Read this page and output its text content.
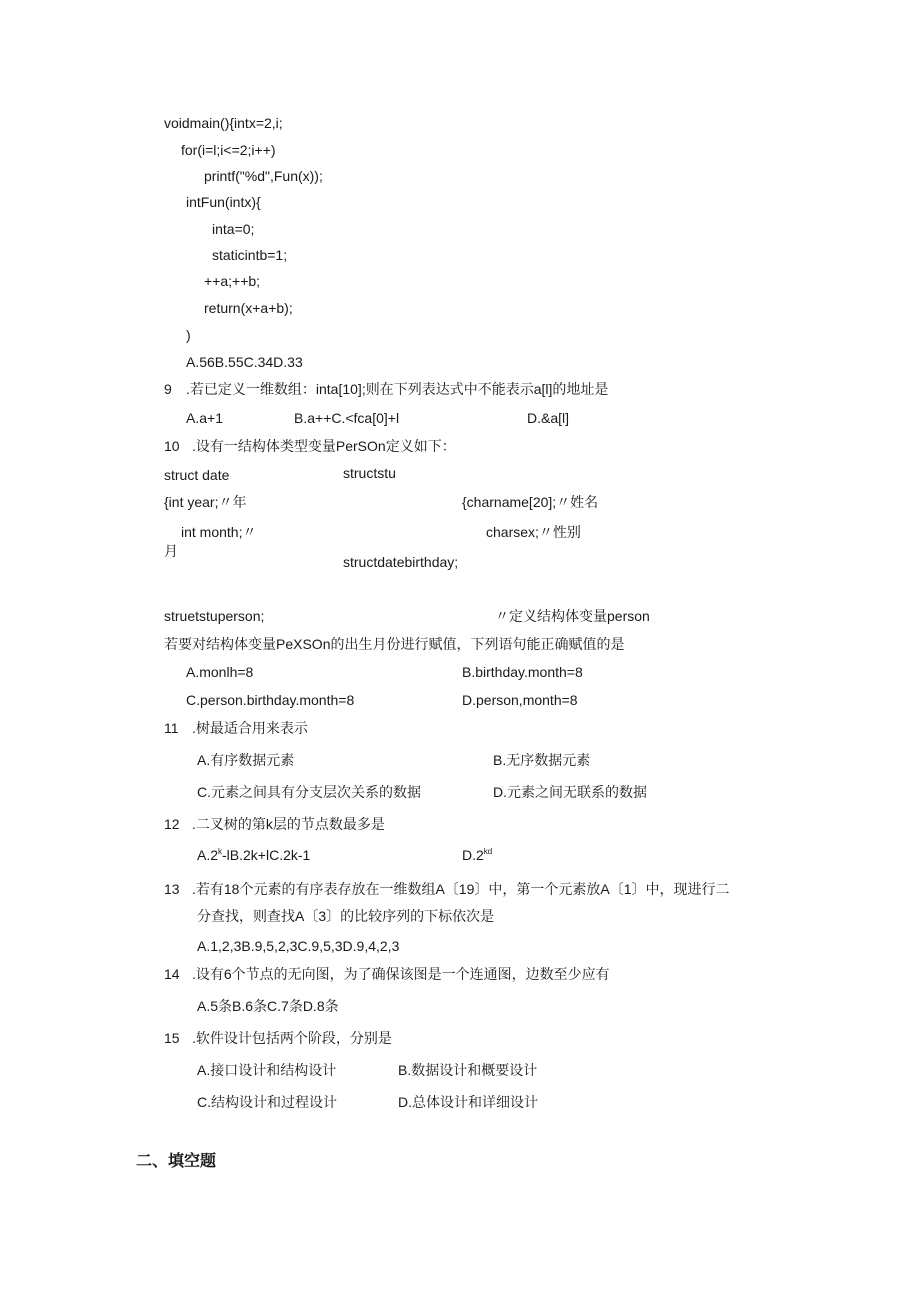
voidmain(){intx=2,i;
for(i=l;i<=2;i++)
printf("%d",Fun(x));
intFun(intx){
inta=0;
staticintb=1;
++a;++b;
return(x+a+b);
)
A.56B.55C.34D.33
9 .若已定义一维数组：inta[10];则在下列表达式中不能表示a[l]的地址是
A.a+1	B.a++C.<fca[0]+l	D.&a[l]
10 .设有一结构体类型变量PerSOn定义如下：
struct date	structstu
{int year;〃年	{charname[20];〃姓名
int month;〃	charsex;〃性别
月
structdatebirthday;
struetstuperson;	〃定义结构体变量person
若要对结构体变量PeXSOn的出生月份进行赋值，下列语句能正确赋值的是
A.monlh=8	B.birthday.month=8
C.person.birthday.month=8	D.person,month=8
11 .树最适合用来表示
A.有序数据元素	B.无序数据元素
C.元素之间具有分支层次关系的数据	D.元素之间无联系的数据
12 .二叉树的第k层的节点数最多是
$A.2^k-lB.2k+lC.2k-1$	$D.2^{kd}$
13 .若有18个元素的有序表存放在一维数组A〔19〕中，第一个元素放A〔1〕中，现进行二
分查找，则查找A〔3〕的比较序列的下标依次是
A.1,2,3B.9,5,2,3C.9,5,3D.9,4,2,3
14 .设有6个节点的无向图，为了确保该图是一个连通图，边数至少应有
A.5条B.6条C.7条D.8条
15 .软件设计包括两个阶段，分别是
A.接口设计和结构设计	B.数据设计和概要设计
C.结构设计和过程设计	D.总体设计和详细设计
二、填空题
